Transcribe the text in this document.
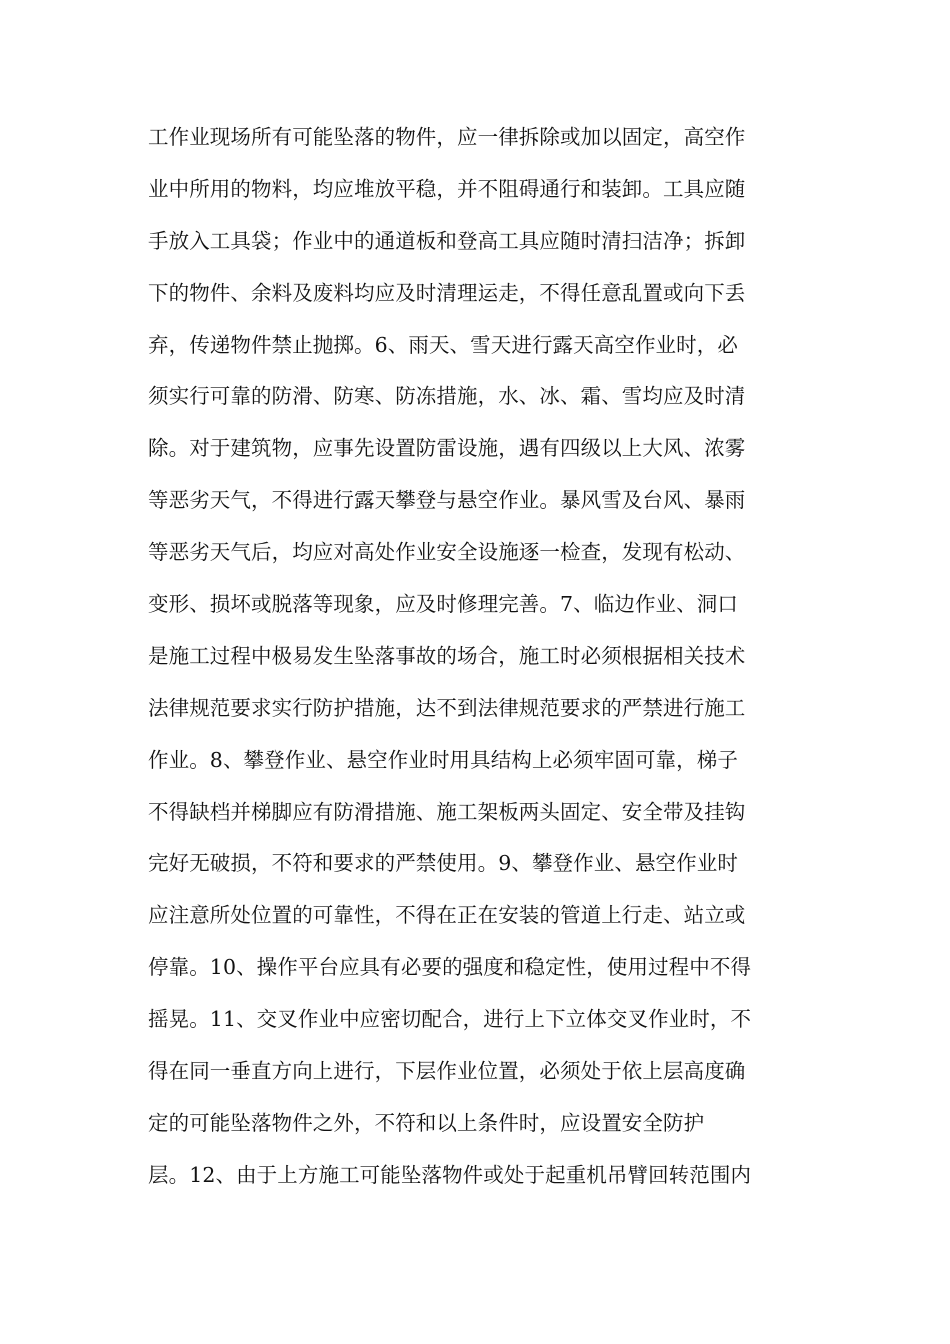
工作业现场所有可能坠落的物件，应一律拆除或加以固定，高空作
业中所用的物料，均应堆放平稳，并不阻碍通行和装卸。工具应随
手放入工具袋；作业中的通道板和登高工具应随时清扫洁净；拆卸
下的物件、余料及废料均应及时清理运走，不得任意乱置或向下丢
弃，传递物件禁止抛掷。6、雨天、雪天进行露天高空作业时，必
须实行可靠的防滑、防寒、防冻措施，水、冰、霜、雪均应及时清
除。对于建筑物，应事先设置防雷设施，遇有四级以上大风、浓雾
等恶劣天气，不得进行露天攀登与悬空作业。暴风雪及台风、暴雨
等恶劣天气后，均应对高处作业安全设施逐一检查，发现有松动、
变形、损坏或脱落等现象，应及时修理完善。7、临边作业、洞口
是施工过程中极易发生坠落事故的场合，施工时必须根据相关技术
法律规范要求实行防护措施，达不到法律规范要求的严禁进行施工
作业。8、攀登作业、悬空作业时用具结构上必须牢固可靠，梯子
不得缺档并梯脚应有防滑措施、施工架板两头固定、安全带及挂钩
完好无破损，不符和要求的严禁使用。9、攀登作业、悬空作业时
应注意所处位置的可靠性，不得在正在安装的管道上行走、站立或
停靠。10、操作平台应具有必要的强度和稳定性，使用过程中不得
摇晃。11、交叉作业中应密切配合，进行上下立体交叉作业时，不
得在同一垂直方向上进行，下层作业位置，必须处于依上层高度确
定的可能坠落物件之外，不符和以上条件时，应设置安全防护
层。12、由于上方施工可能坠落物件或处于起重机吊臂回转范围内
